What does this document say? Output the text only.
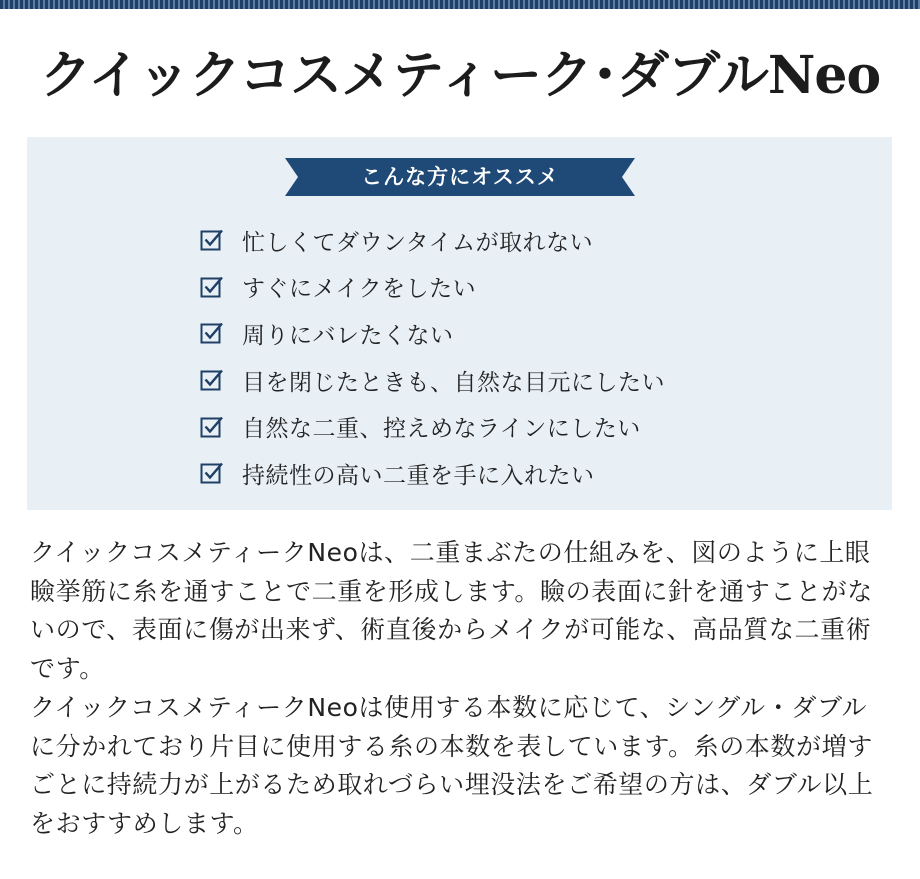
クイックコスメティーク･ダブルNeo
こんな方にオススメ
忙しくてダウンタイムが取れない
すぐにメイクをしたい
周りにバレたくない
目を閉じたときも、自然な目元にしたい
自然な二重、控えめなラインにしたい
持続性の高い二重を手に入れたい

クイックコスメティークNeoは、二重まぶたの仕組みを、図のように上眼瞼挙筋に糸を通すことで二重を形成します。瞼の表面に針を通すことがないので、表面に傷が出来ず、術直後からメイクが可能な、高品質な二重術です。

クイックコスメティークNeoは使用する本数に応じて、シングル・ダブルに分かれており片目に使用する糸の本数を表しています。糸の本数が増すごとに持続力が上がるため取れづらい埋没法をご希望の方は、ダブル以上をおすすめします。
